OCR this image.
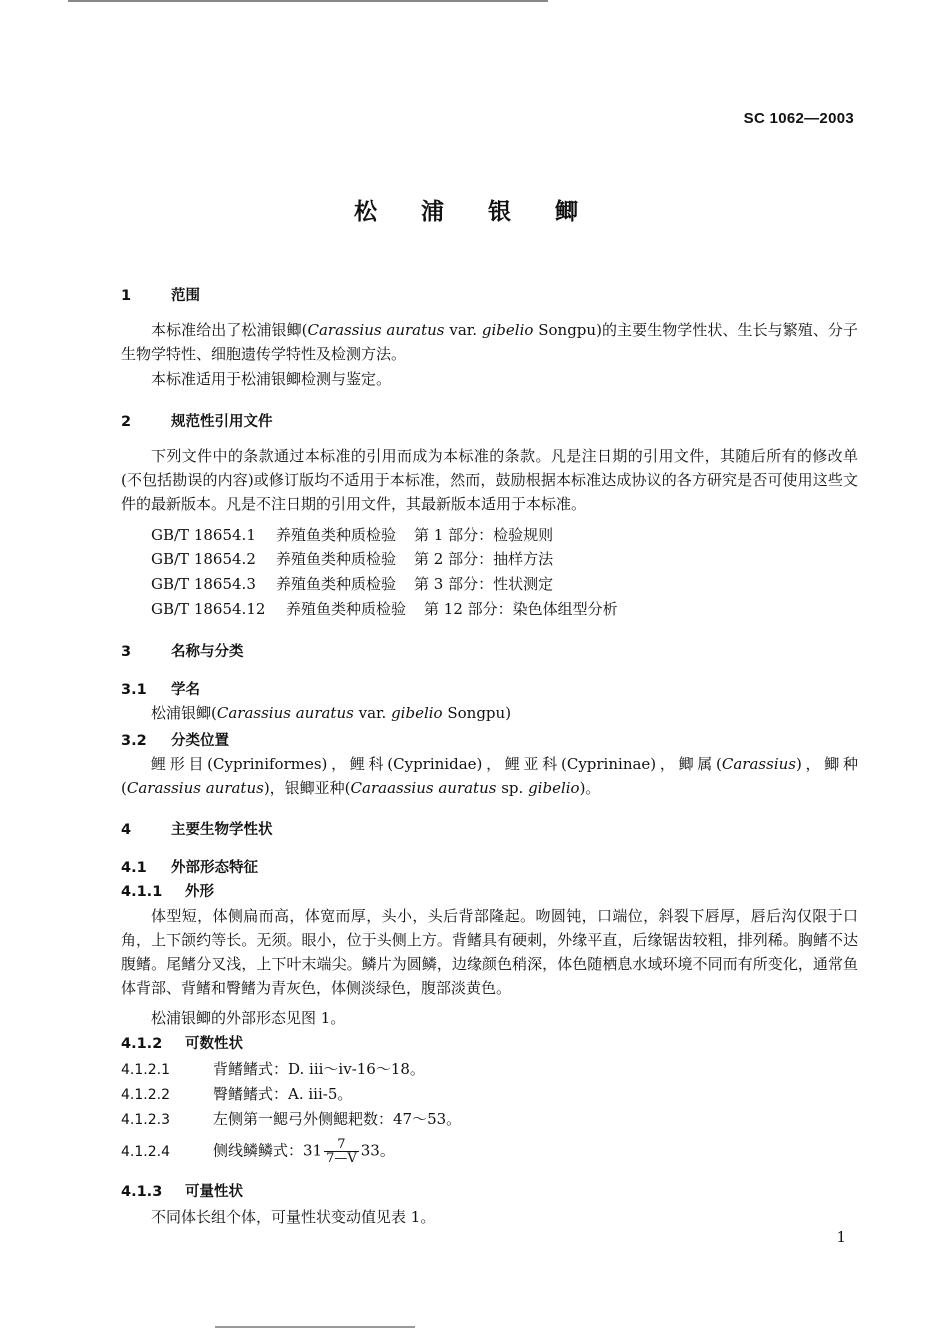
SC 1062—2003
松 浦 银 鲫
1	范围
本标准给出了松浦银鲫(Carassius auratus var. gibelio Songpu)的主要生物学性状、生长与繁殖、分子生物学特性、细胞遗传学特性及检测方法。
本标准适用于松浦银鲫检测与鉴定。
2	规范性引用文件
下列文件中的条款通过本标准的引用而成为本标准的条款。凡是注日期的引用文件，其随后所有的修改单(不包括勘误的内容)或修订版均不适用于本标准，然而，鼓励根据本标准达成协议的各方研究是否可使用这些文件的最新版本。凡是不注日期的引用文件，其最新版本适用于本标准。
GB/T 18654.1 养殖鱼类种质检验 第 1 部分：检验规则
GB/T 18654.2 养殖鱼类种质检验 第 2 部分：抽样方法
GB/T 18654.3 养殖鱼类种质检验 第 3 部分：性状测定
GB/T 18654.12 养殖鱼类种质检验 第 12 部分：染色体组型分析
3	名称与分类
3.1 学名
松浦银鲫(Carassius auratus var. gibelio Songpu)
3.2 分类位置
鲤形目(Cypriniformes)，鲤科(Cyprinidae)，鲤亚科(Cyprininae)，鲫属(Carassius)，鲫种(Carassius auratus)，银鲫亚种(Caraassius auratus sp. gibelio)。
4	主要生物学性状
4.1 外部形态特征
4.1.1 外形
体型短，体侧扁而高，体宽而厚，头小，头后背部隆起。吻圆钝，口端位，斜裂下唇厚，唇后沟仅限于口角，上下颌约等长。无须。眼小，位于头侧上方。背鳍具有硬刺，外缘平直，后缘锯齿较粗，排列稀。胸鳍不达腹鳍。尾鳍分叉浅，上下叶末端尖。鳞片为圆鳞，边缘颜色稍深，体色随栖息水域环境不同而有所变化，通常鱼体背部、背鳍和臀鳍为青灰色，体侧淡绿色，腹部淡黄色。
松浦银鲫的外部形态见图 1。
4.1.2 可数性状
4.1.2.1	背鳍鳍式：D. iii～iv-16～18。
4.1.2.2	臀鳍鳍式：A. iii-5。
4.1.2.3	左侧第一鳃弓外侧鳃耙数：47～53。
4.1.2.4	侧线鳞鳞式：$31 \frac{7}{7—V} 33$。
4.1.3 可量性状
不同体长组个体，可量性状变动值见表 1。
1
